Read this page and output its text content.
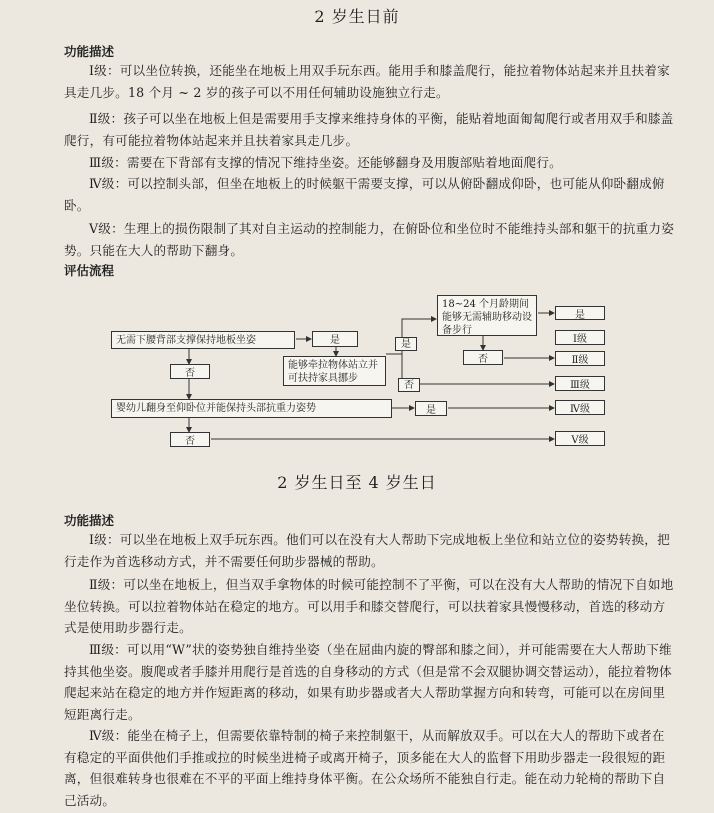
2 岁生日前
功能描述
Ⅰ级：可以坐位转换，还能坐在地板上用双手玩东西。能用手和膝盖爬行，能拉着物体站起来并且扶着家具走几步。18 个月 ~ 2 岁的孩子可以不用任何辅助设施独立行走。
Ⅱ级：孩子可以坐在地板上但是需要用手支撑来维持身体的平衡，能贴着地面匍匐爬行或者用双手和膝盖爬行，有可能拉着物体站起来并且扶着家具走几步。
Ⅲ级：需要在下背部有支撑的情况下维持坐姿。还能够翻身及用腹部贴着地面爬行。
Ⅳ级：可以控制头部，但坐在地板上的时候躯干需要支撑，可以从俯卧翻成仰卧，也可能从仰卧翻成俯卧。
Ⅴ级：生理上的损伤限制了其对自主运动的控制能力，在俯卧位和坐位时不能维持头部和躯干的抗重力姿势。只能在大人的帮助下翻身。
评估流程
无需下腰背部支撑保持地板坐姿	是
否
能够牵拉物体站立并可扶持家具挪步
是
否
18~24 个月龄期间能够无需辅助移动设备步行
否
是
Ⅰ级
Ⅱ级
Ⅲ级
婴幼儿翻身至仰卧位并能保持头部抗重力姿势	是	Ⅳ级
否	Ⅴ级
2 岁生日至 4 岁生日
功能描述
Ⅰ级：可以坐在地板上双手玩东西。他们可以在没有大人帮助下完成地板上坐位和站立位的姿势转换，把行走作为首选移动方式，并不需要任何助步器械的帮助。
Ⅱ级：可以坐在地板上，但当双手拿物体的时候可能控制不了平衡，可以在没有大人帮助的情况下自如地坐位转换。可以拉着物体站在稳定的地方。可以用手和膝交替爬行，可以扶着家具慢慢移动，首选的移动方式是使用助步器行走。
Ⅲ级：可以用“W”状的姿势独自维持坐姿（坐在屈曲内旋的臀部和膝之间），并可能需要在大人帮助下维持其他坐姿。腹爬或者手膝并用爬行是首选的自身移动的方式（但是常不会双腿协调交替运动），能拉着物体爬起来站在稳定的地方并作短距离的移动，如果有助步器或者大人帮助掌握方向和转弯，可能可以在房间里短距离行走。
Ⅳ级：能坐在椅子上，但需要依靠特制的椅子来控制躯干，从而解放双手。可以在大人的帮助下或者在有稳定的平面供他们手推或拉的时候坐进椅子或离开椅子，顶多能在大人的监督下用助步器走一段很短的距离，但很难转身也很难在不平的平面上维持身体平衡。在公众场所不能独自行走。能在动力轮椅的帮助下自己活动。
